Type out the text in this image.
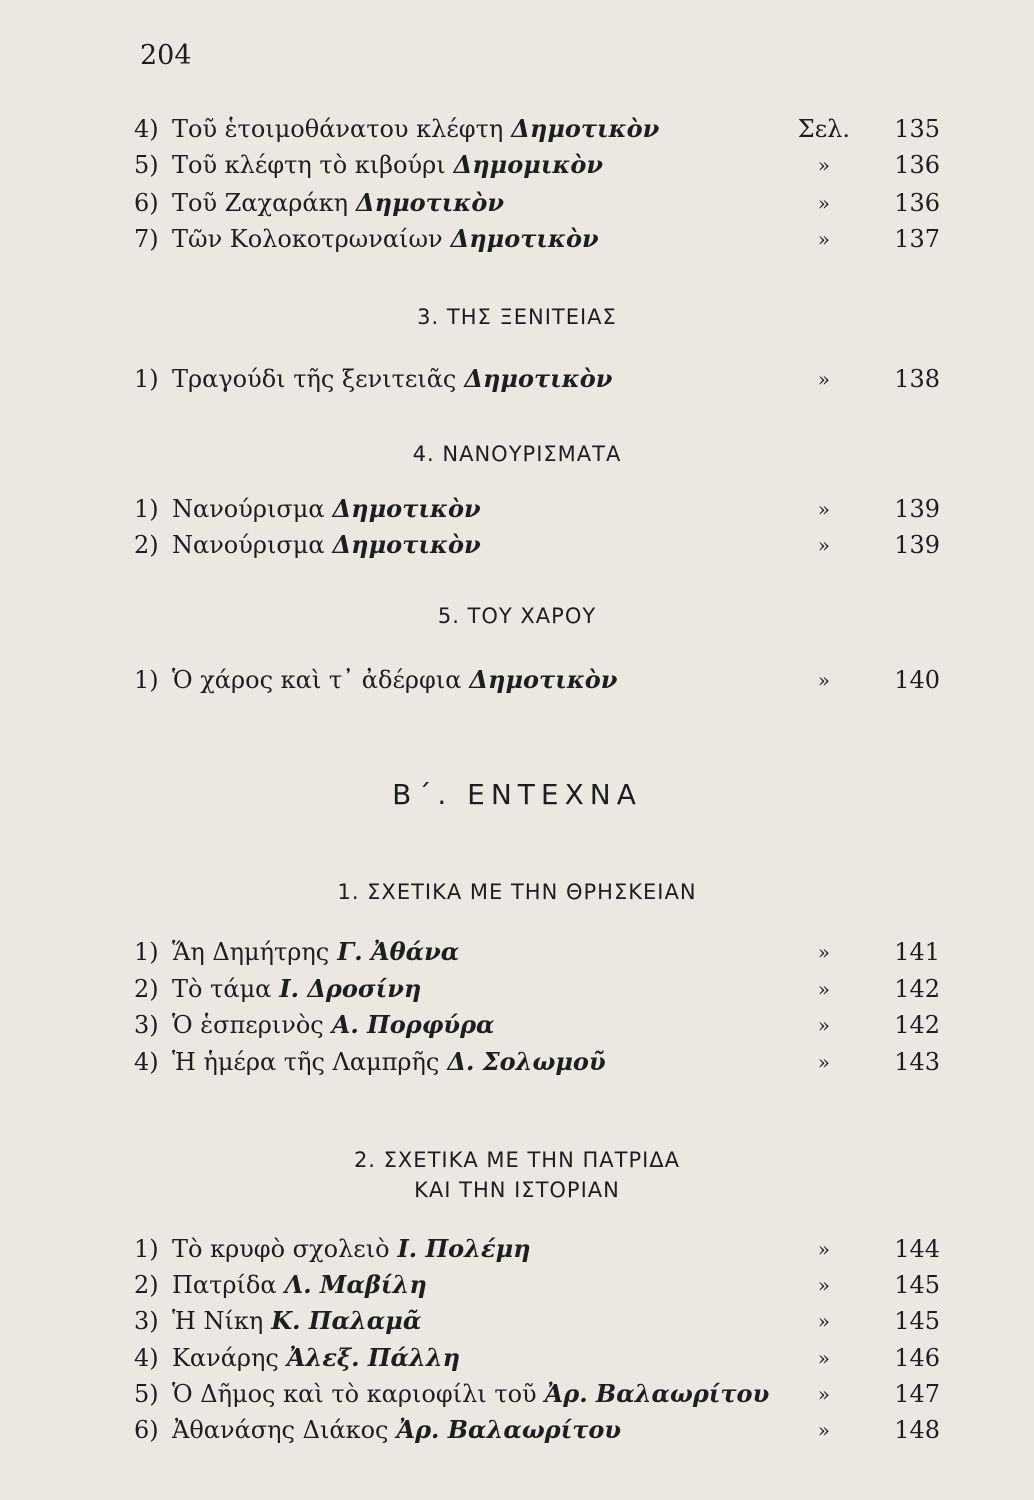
204
4) Τοῦ ἑτοιμοθάνατου κλέφτη Δημοτικὸν	Σελ. 135
5) Τοῦ κλέφτη τὸ κιβούρι Δημομικὸν	»	136
6) Τοῦ Ζαχαράκη Δημοτικὸν	»	136
7) Τῶν Κολοκοτρωναίων Δημοτικὸν	»	137
3. ΤΗΣ ΞΕΝΙΤΕΙΑΣ
1) Τραγούδι τῆς ξενιτειᾶς Δημοτικὸν	»	138
4. ΝΑΝΟΥΡΙΣΜΑΤΑ
1) Νανούρισμα Δημοτικὸν	»	139
2) Νανούρισμα Δημοτικὸν	»	139
5. ΤΟΥ ΧΑΡΟΥ
1) Ὁ χάρος καὶ τ᾽ ἀδέρφια Δημοτικὸν	»	140
Β΄. ΕΝΤΕΧΝΑ
1. ΣΧΕΤΙΚΑ ΜΕ ΤΗΝ ΘΡΗΣΚΕΙΑΝ
1) Ἅη Δημήτρης Γ. Ἀθάνα	»	141
2) Τὸ τάμα Ι. Δροσίνη	»	142
3) Ὁ ἑσπερινὸς Α. Πορφύρα	»	142
4) Ἡ ἡμέρα τῆς Λαμπρῆς Δ. Σολωμοῦ	»	143
2. ΣΧΕΤΙΚΑ ΜΕ ΤΗΝ ΠΑΤΡΙΔΑ
ΚΑΙ ΤΗΝ ΙΣΤΟΡΙΑΝ
1) Τὸ κρυφὸ σχολειὸ Ι. Πολέμη	»	144
2) Πατρίδα Λ. Μαβίλη	»	145
3) Ἡ Νίκη Κ. Παλαμᾶ	»	145
4) Κανάρης Ἀλεξ. Πάλλη	»	146
5) Ὁ Δῆμος καὶ τὸ καριοφίλι τοῦ Ἀρ. Βαλαωρίτου »	147
6) Ἀθανάσης Διάκος Ἀρ. Βαλαωρίτου	»	148
